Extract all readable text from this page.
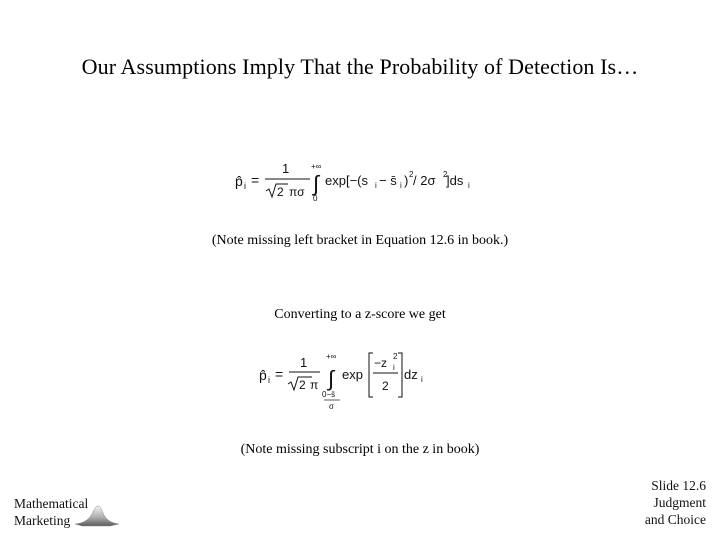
Our Assumptions Imply That the Probability of Detection Is…
p̂ i =
1
2 πσ
+∞
∫
0
exp[−(s i − s̄ i ) 2 / 2σ 2
]ds i
(Note missing left bracket in Equation 12.6 in book.)
Converting to a z-score we get
p̂ i =
1
2 π
+∞
∫
0−s̄
σ
exp
−z 2
i
2
dz i
(Note missing subscript i on the z in book)
Mathematical
Marketing
Slide 12.6
Judgment
and Choice
